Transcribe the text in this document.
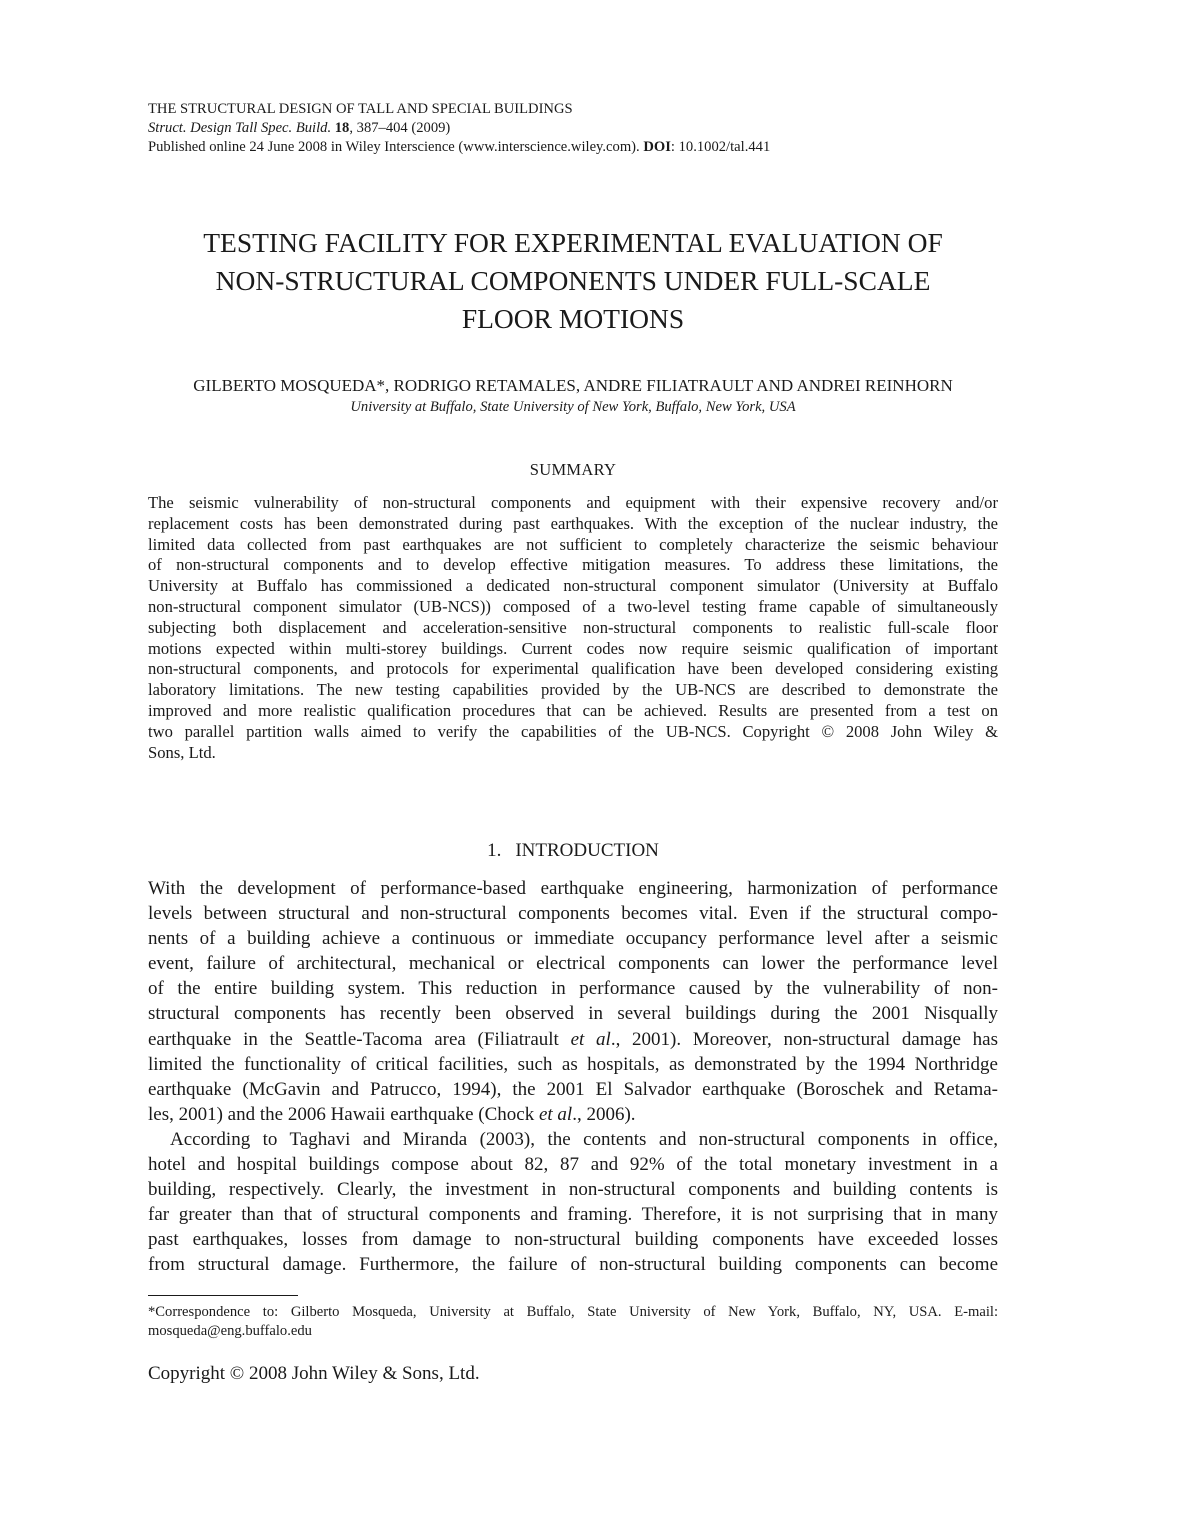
THE STRUCTURAL DESIGN OF TALL AND SPECIAL BUILDINGS
Struct. Design Tall Spec. Build. 18, 387–404 (2009)
Published online 24 June 2008 in Wiley Interscience (www.interscience.wiley.com). DOI: 10.1002/tal.441
TESTING FACILITY FOR EXPERIMENTAL EVALUATION OF
NON-STRUCTURAL COMPONENTS UNDER FULL-SCALE
FLOOR MOTIONS
GILBERTO MOSQUEDA*, RODRIGO RETAMALES, ANDRE FILIATRAULT AND ANDREI REINHORN
University at Buffalo, State University of New York, Buffalo, New York, USA
SUMMARY
The seismic vulnerability of non-structural components and equipment with their expensive recovery and/or
replacement costs has been demonstrated during past earthquakes. With the exception of the nuclear industry, the
limited data collected from past earthquakes are not sufficient to completely characterize the seismic behaviour
of non-structural components and to develop effective mitigation measures. To address these limitations, the
University at Buffalo has commissioned a dedicated non-structural component simulator (University at Buffalo
non-structural component simulator (UB-NCS)) composed of a two-level testing frame capable of simultaneously
subjecting both displacement and acceleration-sensitive non-structural components to realistic full-scale floor
motions expected within multi-storey buildings. Current codes now require seismic qualification of important
non-structural components, and protocols for experimental qualification have been developed considering existing
laboratory limitations. The new testing capabilities provided by the UB-NCS are described to demonstrate the
improved and more realistic qualification procedures that can be achieved. Results are presented from a test on
two parallel partition walls aimed to verify the capabilities of the UB-NCS. Copyright © 2008 John Wiley &
Sons, Ltd.
1. INTRODUCTION
With the development of performance-based earthquake engineering, harmonization of performance
levels between structural and non-structural components becomes vital. Even if the structural compo-
nents of a building achieve a continuous or immediate occupancy performance level after a seismic
event, failure of architectural, mechanical or electrical components can lower the performance level
of the entire building system. This reduction in performance caused by the vulnerability of non-
structural components has recently been observed in several buildings during the 2001 Nisqually
earthquake in the Seattle-Tacoma area (Filiatrault et al., 2001). Moreover, non-structural damage has
limited the functionality of critical facilities, such as hospitals, as demonstrated by the 1994 Northridge
earthquake (McGavin and Patrucco, 1994), the 2001 El Salvador earthquake (Boroschek and Retama-
les, 2001) and the 2006 Hawaii earthquake (Chock et al., 2006).
According to Taghavi and Miranda (2003), the contents and non-structural components in office,
hotel and hospital buildings compose about 82, 87 and 92% of the total monetary investment in a
building, respectively. Clearly, the investment in non-structural components and building contents is
far greater than that of structural components and framing. Therefore, it is not surprising that in many
past earthquakes, losses from damage to non-structural building components have exceeded losses
from structural damage. Furthermore, the failure of non-structural building components can become
*Correspondence to: Gilberto Mosqueda, University at Buffalo, State University of New York, Buffalo, NY, USA. E-mail:
mosqueda@eng.buffalo.edu
Copyright © 2008 John Wiley & Sons, Ltd.
